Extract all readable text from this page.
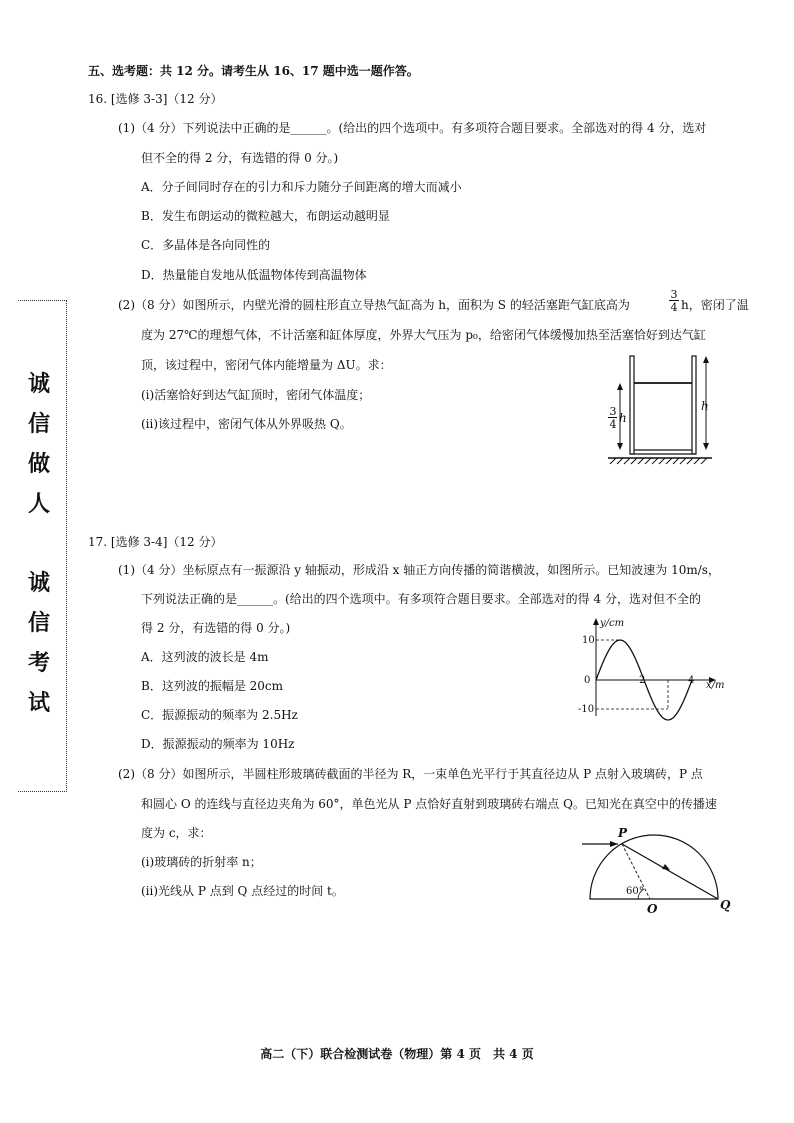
五、选考题：共 12 分。请考生从 16、17 题中选一题作答。
16. [选修 3-3]（12 分）
(1)（4 分）下列说法中正确的是______。(给出的四个选项中。有多项符合题目要求。全部选对的得 4 分，选对
但不全的得 2 分，有选错的得 0 分。)
A．分子间同时存在的引力和斥力随分子间距离的增大而减小
B．发生布朗运动的微粒越大，布朗运动越明显
C．多晶体是各向同性的
D．热量能自发地从低温物体传到高温物体
(2)（8 分）如图所示，内壁光滑的圆柱形直立导热气缸高为 h，面积为 S 的轻活塞距气缸底高为
3
4 h，密闭了温
度为 27℃的理想气体，不计活塞和缸体厚度，外界大气压为 p₀，给密闭气体缓慢加热至活塞恰好到达气缸
顶，该过程中，密闭气体内能增量为 ΔU。求：
(ⅰ)活塞恰好到达气缸顶时，密闭气体温度；
(ⅱ)该过程中，密闭气体从外界吸热 Q。
3
4 h
h
诚
信
做
人
诚
信
考
试
17. [选修 3-4]（12 分）
(1)（4 分）坐标原点有一振源沿 y 轴振动，形成沿 x 轴正方向传播的简谐横波，如图所示。已知波速为 10m/s，
下列说法正确的是______。(给出的四个选项中。有多项符合题目要求。全部选对的得 4 分，选对但不全的
得 2 分，有选错的得 0 分。)
A．这列波的波长是 4m
B．这列波的振幅是 20cm
C．振源振动的频率为 2.5Hz
D．振源振动的频率为 10Hz
y/cm
10
0	2	4 x/m
-10
(2)（8 分）如图所示，半圆柱形玻璃砖截面的半径为 R，一束单色光平行于其直径边从 P 点射入玻璃砖，P 点
和圆心 O 的连线与直径边夹角为 60°，单色光从 P 点恰好直射到玻璃砖右端点 Q。已知光在真空中的传播速
度为 c，求：
(ⅰ)玻璃砖的折射率 n；
(ⅱ)光线从 P 点到 Q 点经过的时间 t。
P
60°
O	Q
高二（下）联合检测试卷（物理）第 4 页　共 4 页
